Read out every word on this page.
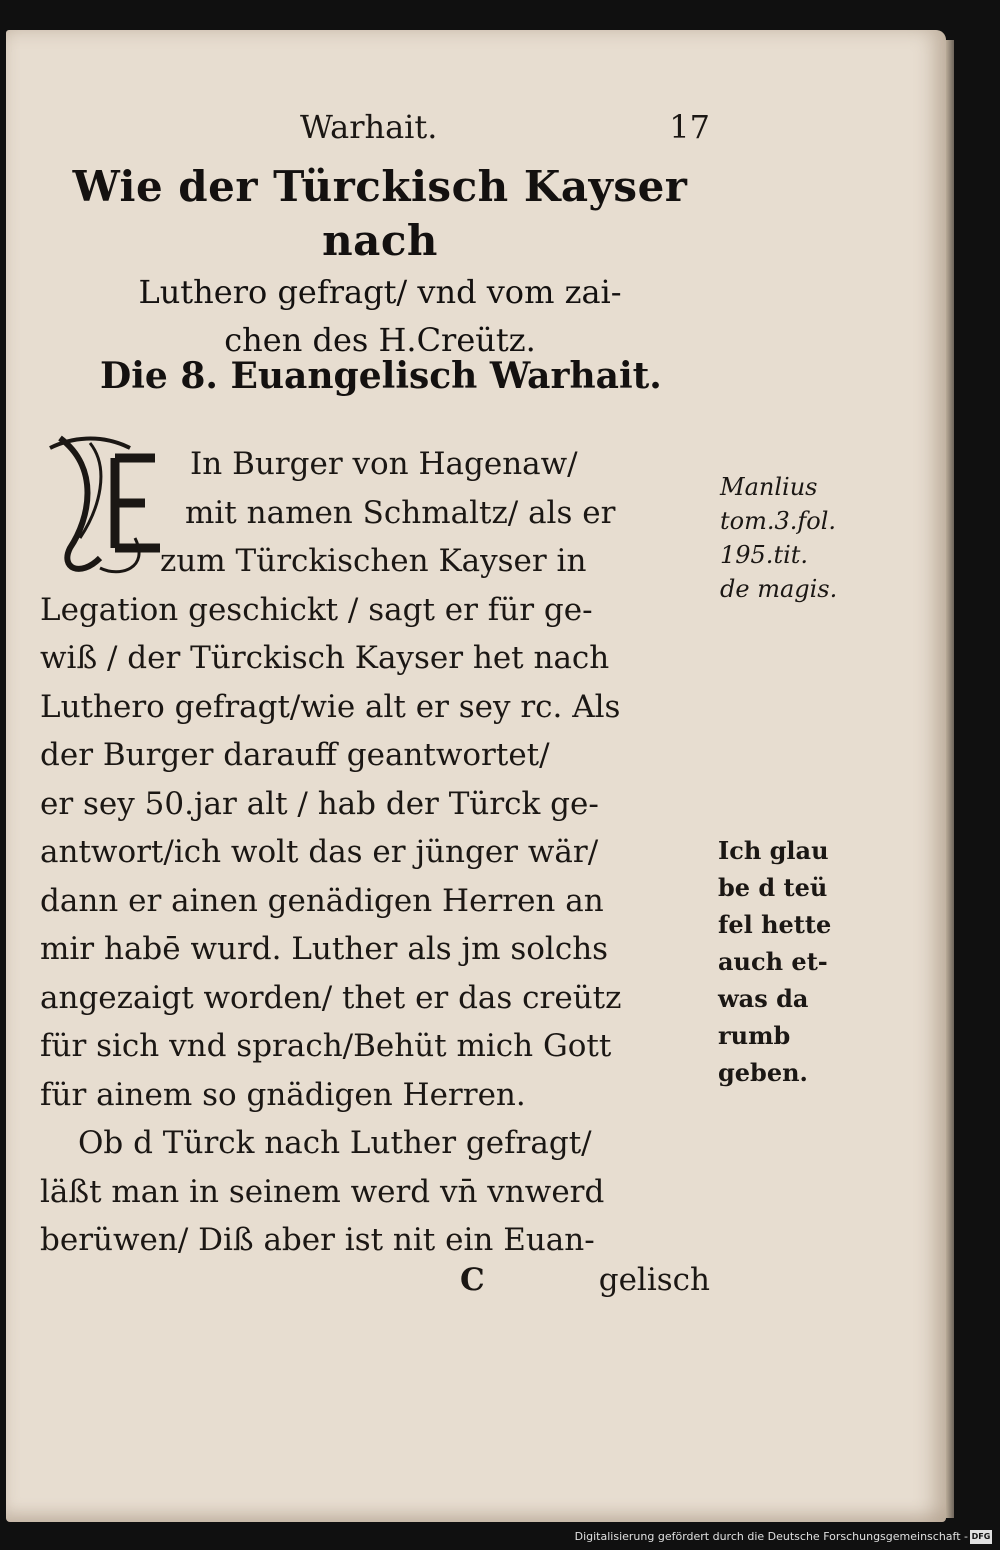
Warhait.	17
Wie der Türckisch Kayser nach
Luthero gefragt/ vnd vom zai-
chen des H.Creütz.
Die 8. Euangelisch Warhait.
In Burger von Hagenaw/
mit namen Schmaltz/ als er
zum Türckischen Kayser in
Legation geschickt / sagt er für ge-
wiß / der Türckisch Kayser het nach
Luthero gefragt/wie alt er sey rc. Als
der Burger darauff geantwortet/
er sey 50.jar alt / hab der Türck ge-
antwort/ich wolt das er jünger wär/
dann er ainen genädigen Herren an
mir habē wurd. Luther als jm solchs
angezaigt worden/ thet er das creütz
für sich vnd sprach/Behüt mich Gott
für ainem so gnädigen Herren.
Ob d Türck nach Luther gefragt/
läßt man in seinem werd vn̄ vnwerd
berüwen/ Diß aber ist nit ein Euan-
C	gelisch
Manlius
tom.3.fol.
195.tit.
de magis.
Ich glau
be d teü
fel hette
auch et-
was da
rumb
geben.
Digitalisierung gefördert durch die Deutsche Forschungsgemeinschaft - DFG
